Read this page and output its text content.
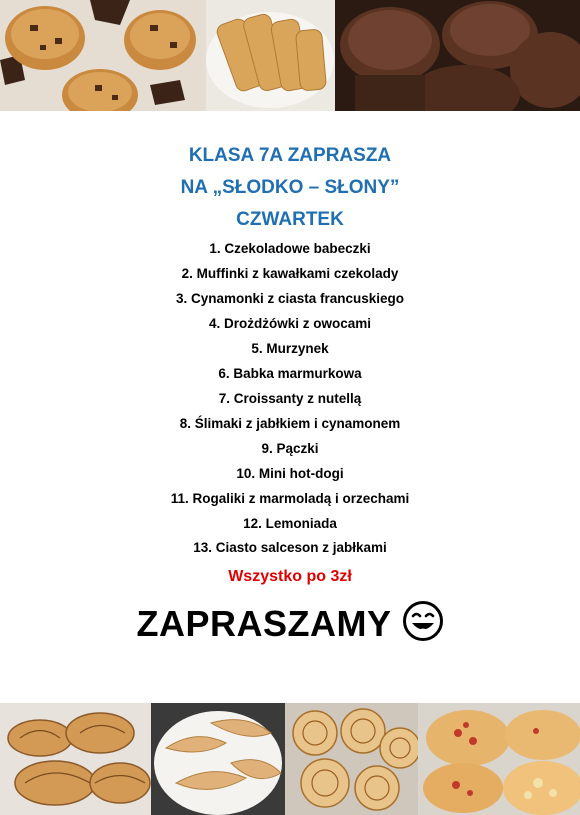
KLASA 7A ZAPRASZA
NA „SŁODKO – SŁONY”
CZWARTEK
1. Czekoladowe babeczki
2. Muffinki z kawałkami czekolady
3. Cynamonki z ciasta francuskiego
4. Drożdżówki z owocami
5. Murzynek
6. Babka marmurkowa
7. Croissanty z nutellą
8. Ślimaki z jabłkiem i cynamonem
9. Pączki
10. Mini hot-dogi
11. Rogaliki z marmoladą i orzechami
12. Lemoniada
13. Ciasto salceson z jabłkami
Wszystko po 3zł
ZAPRASZAMY
